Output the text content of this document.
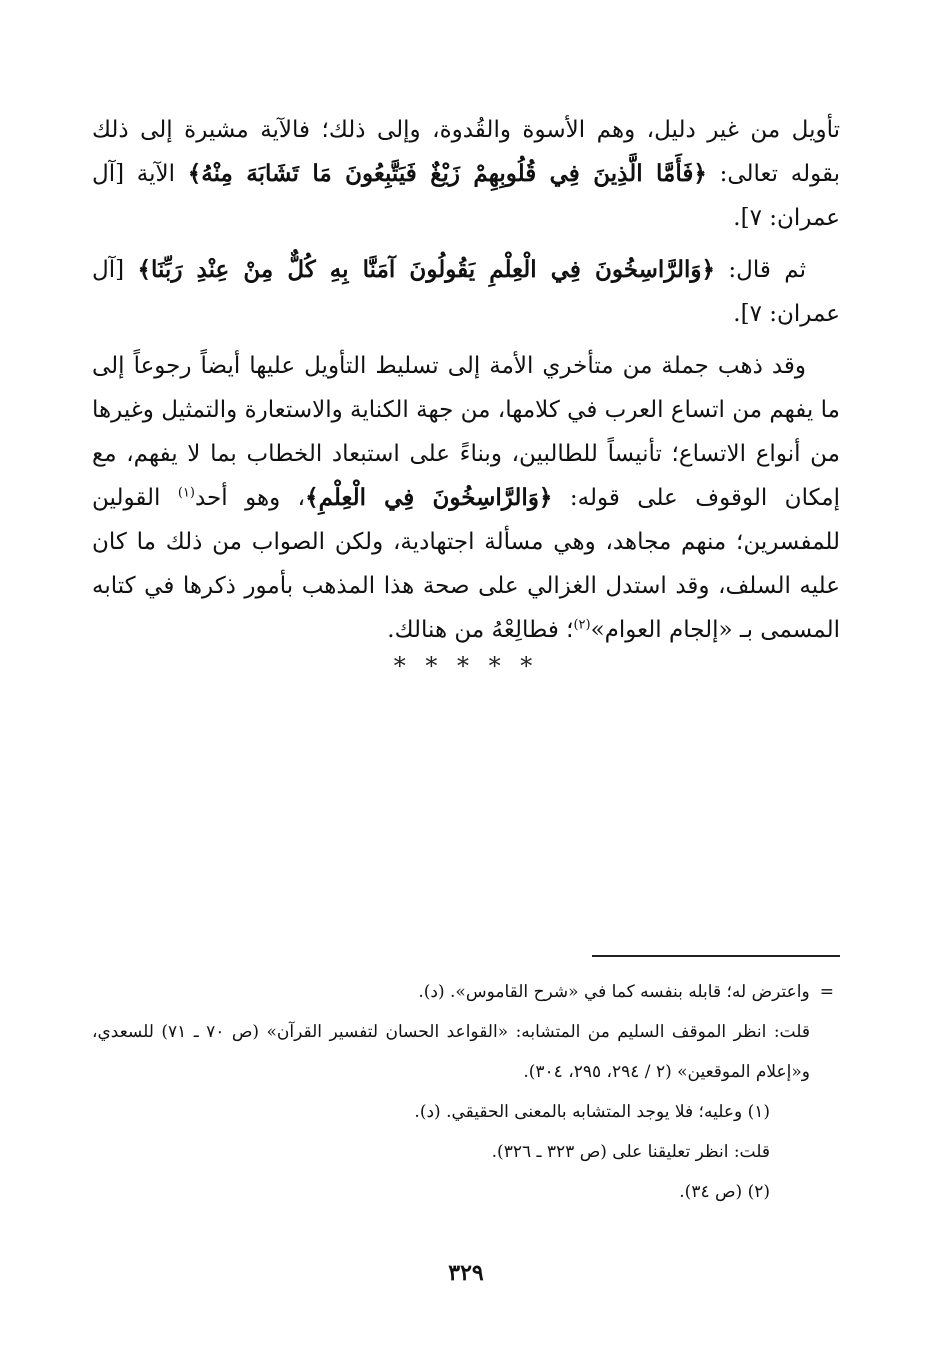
تأويل من غير دليل، وهم الأسوة والقُدوة، وإلى ذلك؛ فالآية مشيرة إلى ذلك بقوله تعالى: ﴿فَأَمَّا الَّذِينَ فِي قُلُوبِهِمْ زَيْغٌ فَيَتَّبِعُونَ مَا تَشَابَهَ مِنْهُ﴾ الآية [آل عمران: ٧].

ثم قال: ﴿وَالرَّاسِخُونَ فِي الْعِلْمِ يَقُولُونَ آمَنَّا بِهِ كُلٌّ مِنْ عِنْدِ رَبِّنَا﴾ [آل عمران: ٧].

وقد ذهب جملة من متأخري الأمة إلى تسليط التأويل عليها أيضاً رجوعاً إلى ما يفهم من اتساع العرب في كلامها، من جهة الكناية والاستعارة والتمثيل وغيرها من أنواع الاتساع؛ تأنيساً للطالبين، وبناءً على استبعاد الخطاب بما لا يفهم، مع إمكان الوقوف على قوله: ﴿وَالرَّاسِخُونَ فِي الْعِلْمِ﴾، وهو أحد$^{(١)}$ القولين للمفسرين؛ منهم مجاهد، وهي مسألة اجتهادية، ولكن الصواب من ذلك ما كان عليه السلف، وقد استدل الغزالي على صحة هذا المذهب بأمور ذكرها في كتابه المسمى بـ «إلجام العوام»$^{(٢)}$؛ فطالِعْهُ من هنالك.

* * * * *

=واعترض له؛ قابله بنفسه كما في «شرح القاموس». (د).

قلت: انظر الموقف السليم من المتشابه: «القواعد الحسان لتفسير القرآن» (ص ٧٠ ـ ٧١) للسعدي، و«إعلام الموقعين» (٢ / ٢٩٤، ٢٩٥، ٣٠٤).

(١) وعليه؛ فلا يوجد المتشابه بالمعنى الحقيقي. (د).

قلت: انظر تعليقنا على (ص ٣٢٣ ـ ٣٢٦).

(٢) (ص ٣٤).

٣٢٩
